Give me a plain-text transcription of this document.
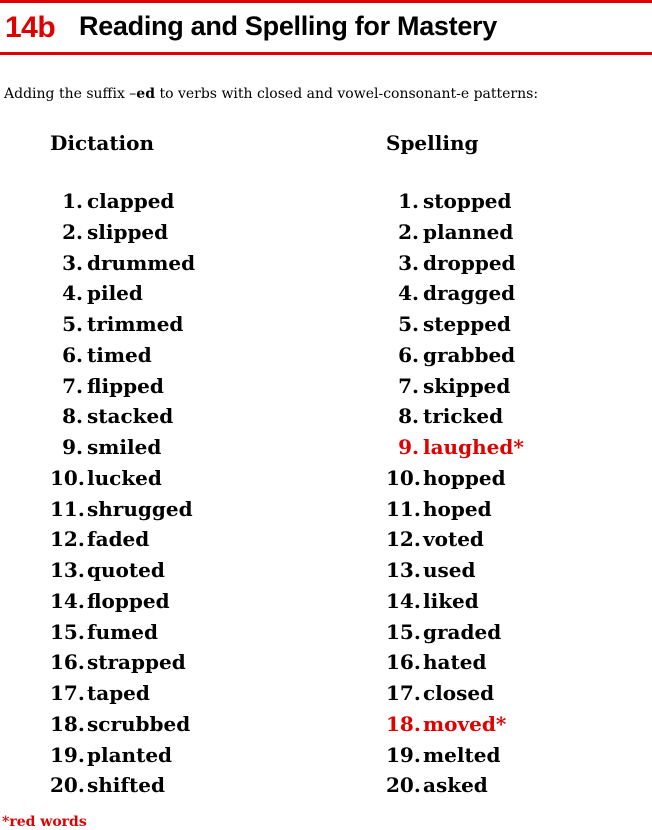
14b Reading and Spelling for Mastery
Adding the suffix –ed to verbs with closed and vowel-consonant-e patterns:
Dictation
1. clapped
2. slipped
3. drummed
4. piled
5. trimmed
6. timed
7. flipped
8. stacked
9. smiled
10. lucked
11. shrugged
12. faded
13. quoted
14. flopped
15. fumed
16. strapped
17. taped
18. scrubbed
19. planted
20. shifted
Spelling
1. stopped
2. planned
3. dropped
4. dragged
5. stepped
6. grabbed
7. skipped
8. tricked
9. laughed*
10. hopped
11. hoped
12. voted
13. used
14. liked
15. graded
16. hated
17. closed
18. moved*
19. melted
20. asked
*red words
